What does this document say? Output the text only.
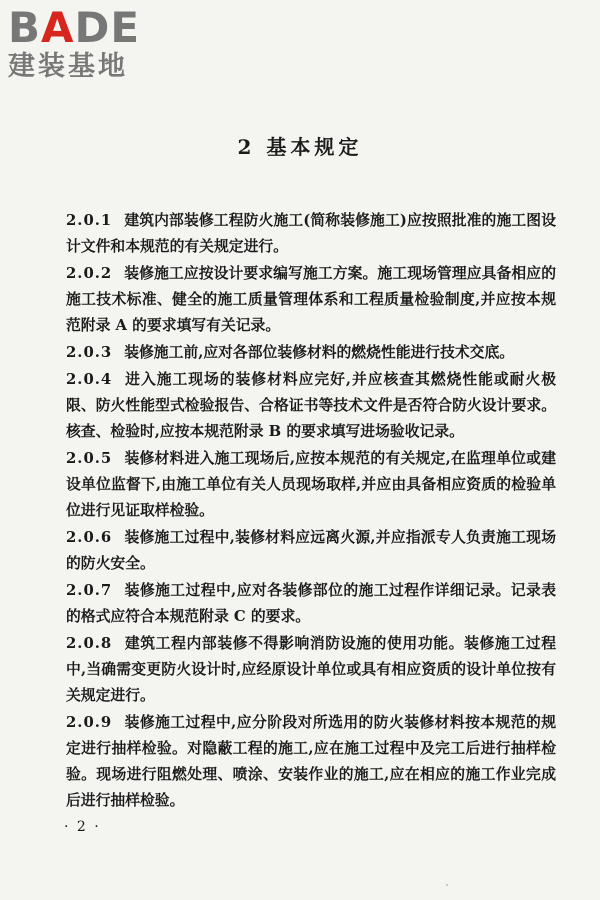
BADE
建装基地
2 基本规定

2.0.1 建筑内部装修工程防火施工(简称装修施工)应按照批准的施工图设计文件和本规范的有关规定进行。

2.0.2 装修施工应按设计要求编写施工方案。施工现场管理应具备相应的施工技术标准、健全的施工质量管理体系和工程质量检验制度,并应按本规范附录 A 的要求填写有关记录。

2.0.3 装修施工前,应对各部位装修材料的燃烧性能进行技术交底。

2.0.4 进入施工现场的装修材料应完好,并应核查其燃烧性能或耐火极限、防火性能型式检验报告、合格证书等技术文件是否符合防火设计要求。核查、检验时,应按本规范附录 B 的要求填写进场验收记录。

2.0.5 装修材料进入施工现场后,应按本规范的有关规定,在监理单位或建设单位监督下,由施工单位有关人员现场取样,并应由具备相应资质的检验单位进行见证取样检验。

2.0.6 装修施工过程中,装修材料应远离火源,并应指派专人负责施工现场的防火安全。

2.0.7 装修施工过程中,应对各装修部位的施工过程作详细记录。记录表的格式应符合本规范附录 C 的要求。

2.0.8 建筑工程内部装修不得影响消防设施的使用功能。装修施工过程中,当确需变更防火设计时,应经原设计单位或具有相应资质的设计单位按有关规定进行。

2.0.9 装修施工过程中,应分阶段对所选用的防火装修材料按本规范的规定进行抽样检验。对隐蔽工程的施工,应在施工过程中及完工后进行抽样检验。现场进行阻燃处理、喷涂、安装作业的施工,应在相应的施工作业完成后进行抽样检验。

· 2 ·
